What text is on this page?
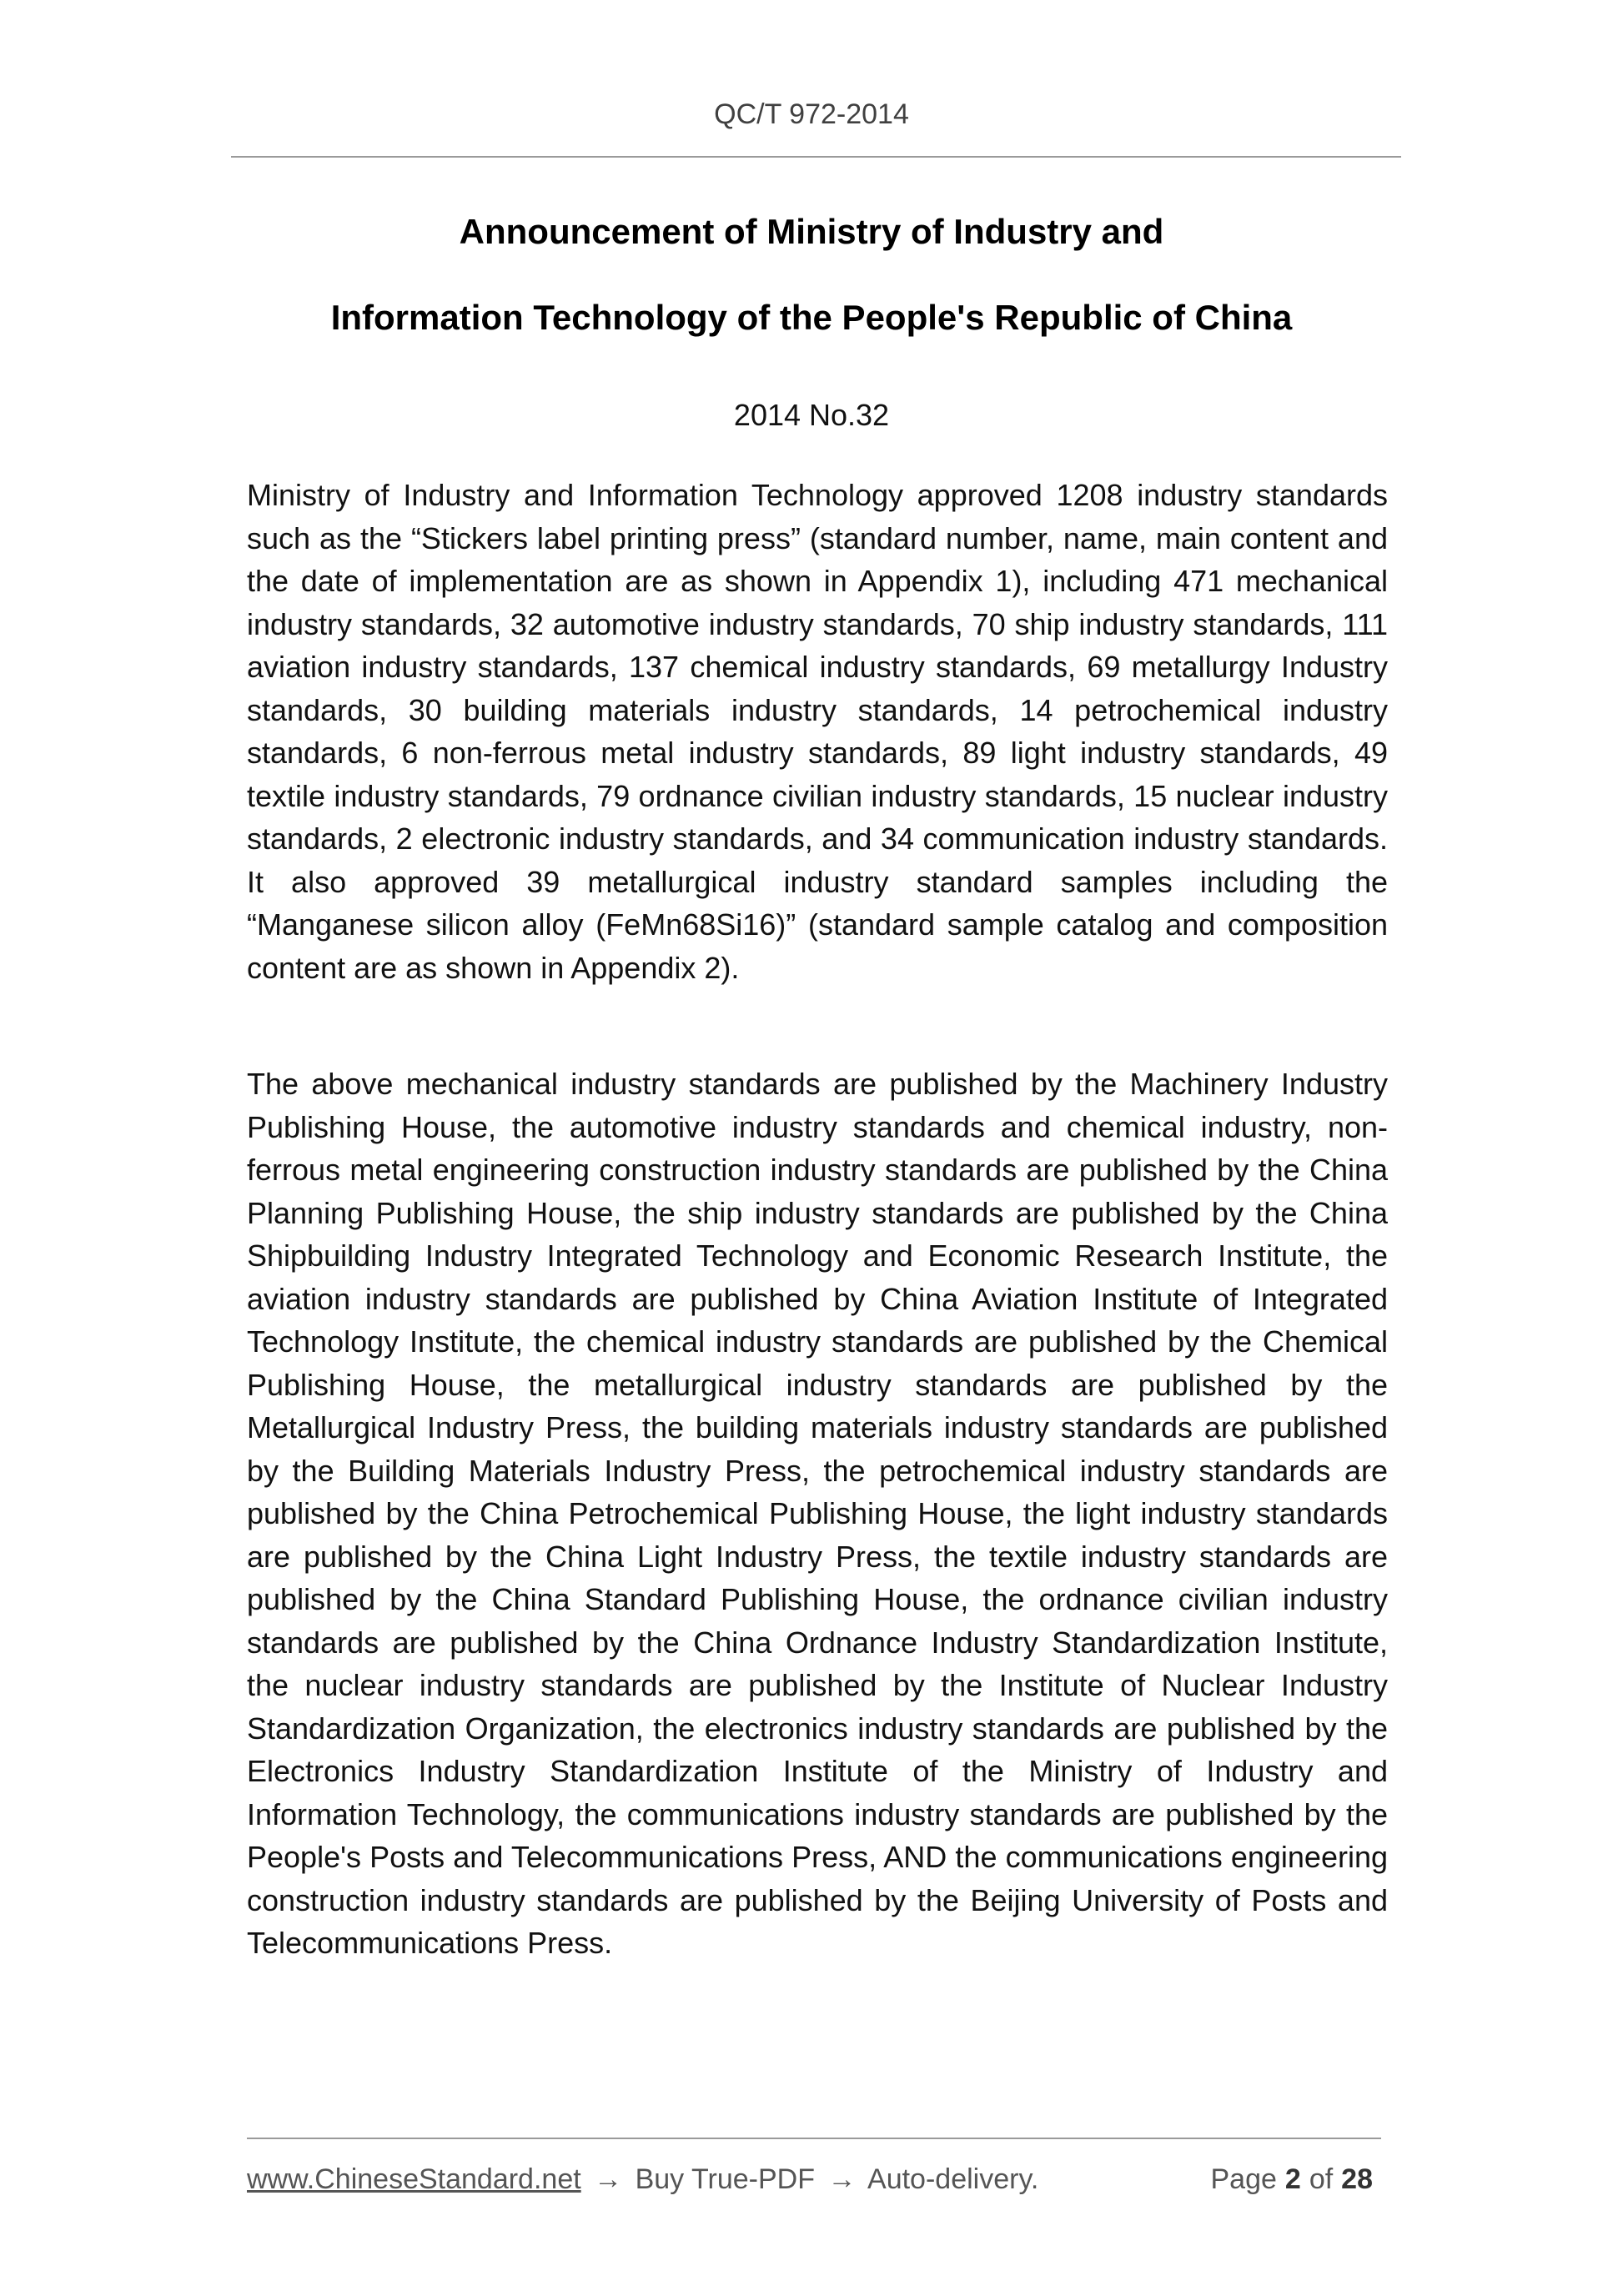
QC/T 972-2014
Announcement of Ministry of Industry and
Information Technology of the People's Republic of China
2014 No.32

Ministry of Industry and Information Technology approved 1208 industry standards such as the “Stickers label printing press” (standard number, name, main content and the date of implementation are as shown in Appendix 1), including 471 mechanical industry standards, 32 automotive industry standards, 70 ship industry standards, 111 aviation industry standards, 137 chemical industry standards, 69 metallurgy Industry standards, 30 building materials industry standards, 14 petrochemical industry standards, 6 non-ferrous metal industry standards, 89 light industry standards, 49 textile industry standards, 79 ordnance civilian industry standards, 15 nuclear industry standards, 2 electronic industry standards, and 34 communication industry standards. It also approved 39 metallurgical industry standard samples including the “Manganese silicon alloy (FeMn68Si16)” (standard sample catalog and composition content are as shown in Appendix 2).

The above mechanical industry standards are published by the Machinery Industry Publishing House, the automotive industry standards and chemical industry, non-ferrous metal engineering construction industry standards are published by the China Planning Publishing House, the ship industry standards are published by the China Shipbuilding Industry Integrated Technology and Economic Research Institute, the aviation industry standards are published by China Aviation Institute of Integrated Technology Institute, the chemical industry standards are published by the Chemical Publishing House, the metallurgical industry standards are published by the Metallurgical Industry Press, the building materials industry standards are published by the Building Materials Industry Press, the petrochemical industry standards are published by the China Petrochemical Publishing House, the light industry standards are published by the China Light Industry Press, the textile industry standards are published by the China Standard Publishing House, the ordnance civilian industry standards are published by the China Ordnance Industry Standardization Institute, the nuclear industry standards are published by the Institute of Nuclear Industry Standardization Organization, the electronics industry standards are published by the Electronics Industry Standardization Institute of the Ministry of Industry and Information Technology, the communications industry standards are published by the People's Posts and Telecommunications Press, AND the communications engineering construction industry standards are published by the Beijing University of Posts and Telecommunications Press.

www.ChineseStandard.net → Buy True-PDF → Auto-delivery.	Page 2 of 28
